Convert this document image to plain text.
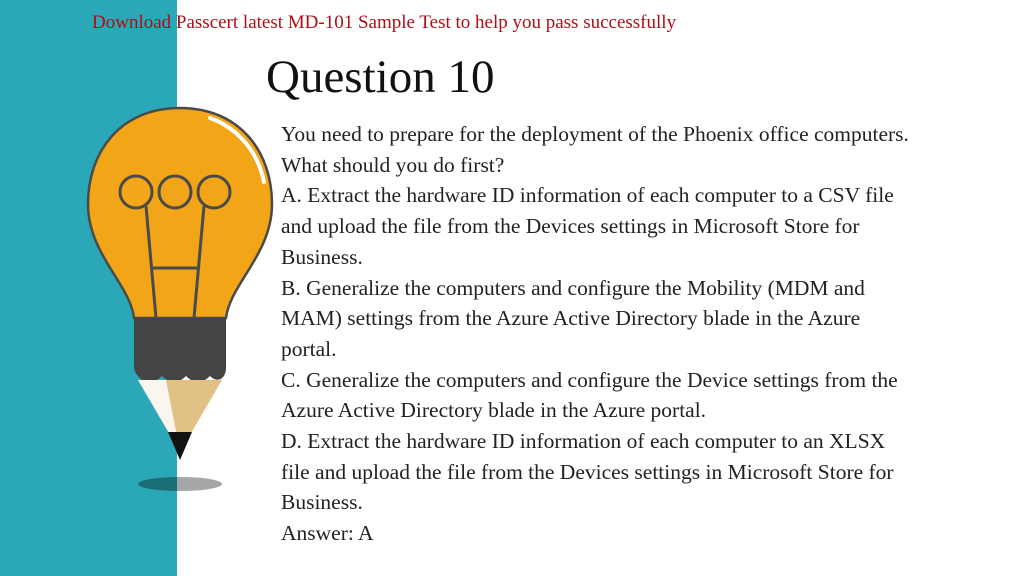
Download Passcert latest MD-101 Sample Test to help you pass successfully
Question 10
You need to prepare for the deployment of the Phoenix office computers.
What should you do first?
A. Extract the hardware ID information of each computer to a CSV file
and upload the file from the Devices settings in Microsoft Store for
Business.
B. Generalize the computers and configure the Mobility (MDM and
MAM) settings from the Azure Active Directory blade in the Azure
portal.
C. Generalize the computers and configure the Device settings from the
Azure Active Directory blade in the Azure portal.
D. Extract the hardware ID information of each computer to an XLSX
file and upload the file from the Devices settings in Microsoft Store for
Business.
Answer: A
